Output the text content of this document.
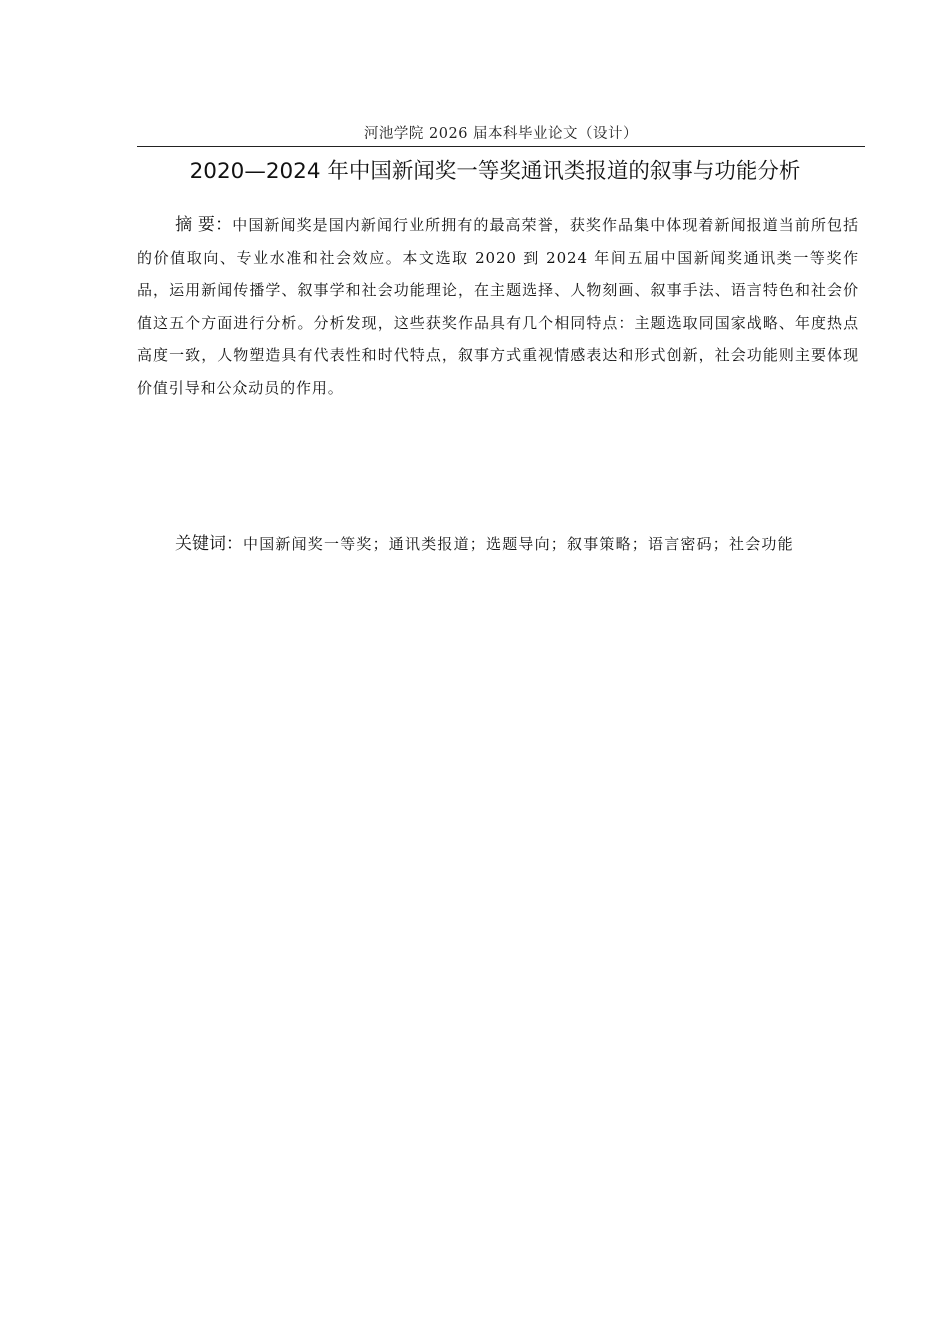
河池学院 2026 届本科毕业论文（设计）
2020—2024 年中国新闻奖一等奖通讯类报道的叙事与功能分析
摘 要：中国新闻奖是国内新闻行业所拥有的最高荣誉，获奖作品集中体现着新闻报道当前所包括的价值取向、专业水准和社会效应。本文选取 2020 到 2024 年间五届中国新闻奖通讯类一等奖作品，运用新闻传播学、叙事学和社会功能理论，在主题选择、人物刻画、叙事手法、语言特色和社会价值这五个方面进行分析。分析发现，这些获奖作品具有几个相同特点：主题选取同国家战略、年度热点高度一致，人物塑造具有代表性和时代特点，叙事方式重视情感表达和形式创新，社会功能则主要体现价值引导和公众动员的作用。
关键词：中国新闻奖一等奖；通讯类报道；选题导向；叙事策略；语言密码；社会功能
